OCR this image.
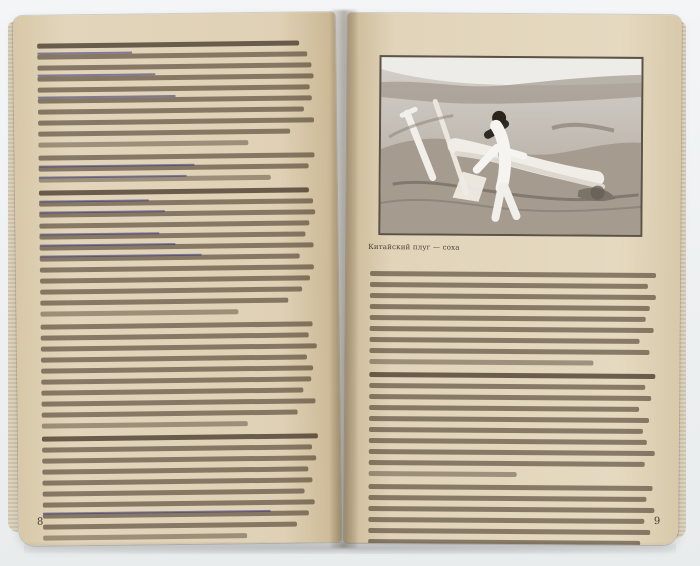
8
Китайский плуг — соха
9
